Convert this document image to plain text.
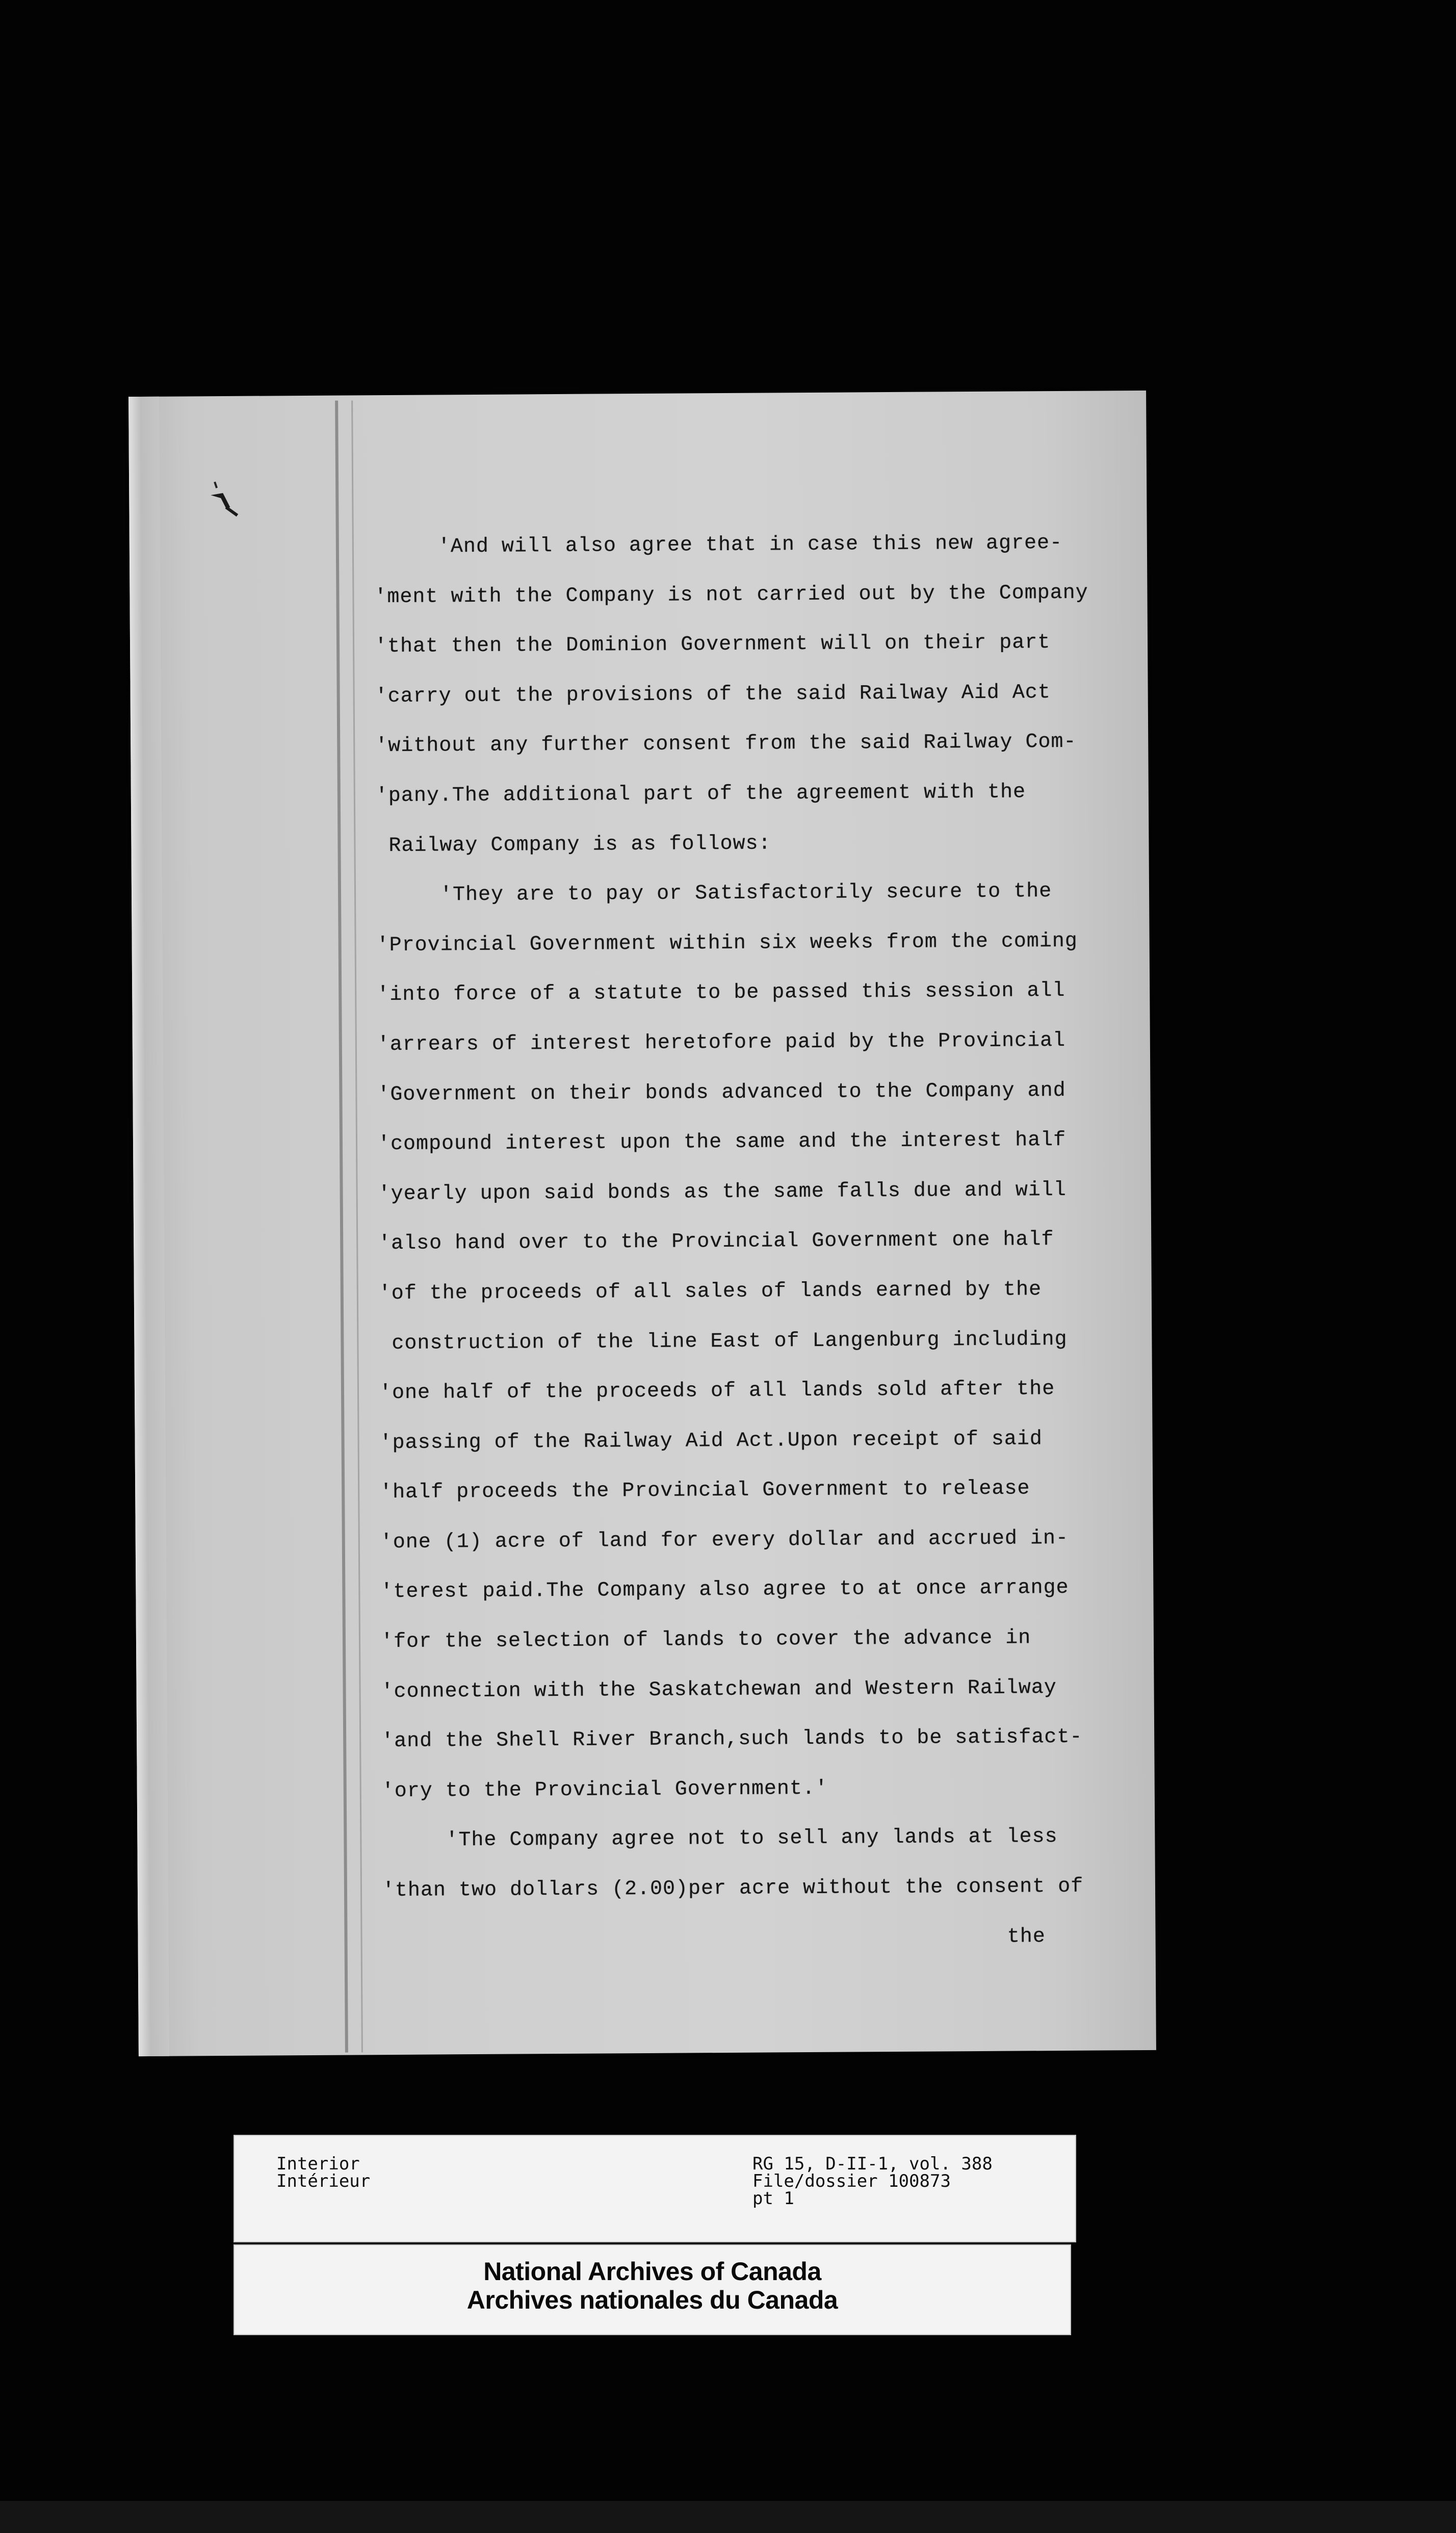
'And will also agree that in case this new agree-
'ment with the Company is not carried out by the Company
'that then the Dominion Government will on their part
'carry out the provisions of the said Railway Aid Act
'without any further consent from the said Railway Com-
'pany.The additional part of the agreement with the
Railway Company is as follows:
'They are to pay or Satisfactorily secure to the
'Provincial Government within six weeks from the coming
'into force of a statute to be passed this session all
'arrears of interest heretofore paid by the Provincial
'Government on their bonds advanced to the Company and
'compound interest upon the same and the interest half
'yearly upon said bonds as the same falls due and will
'also hand over to the Provincial Government one half
'of the proceeds of all sales of lands earned by the
construction of the line East of Langenburg including
'one half of the proceeds of all lands sold after the
'passing of the Railway Aid Act.Upon receipt of said
'half proceeds the Provincial Government to release
'one (1) acre of land for every dollar and accrued in-
'terest paid.The Company also agree to at once arrange
'for the selection of lands to cover the advance in
'connection with the Saskatchewan and Western Railway
'and the Shell River Branch,such lands to be satisfact-
'ory to the Provincial Government.'
'The Company agree not to sell any lands at less
'than two dollars (2.00)per acre without the consent of
the
Interior
Intérieur
RG 15, D-II-1, vol. 388
File/dossier 100873
pt 1
National Archives of Canada
Archives nationales du Canada
